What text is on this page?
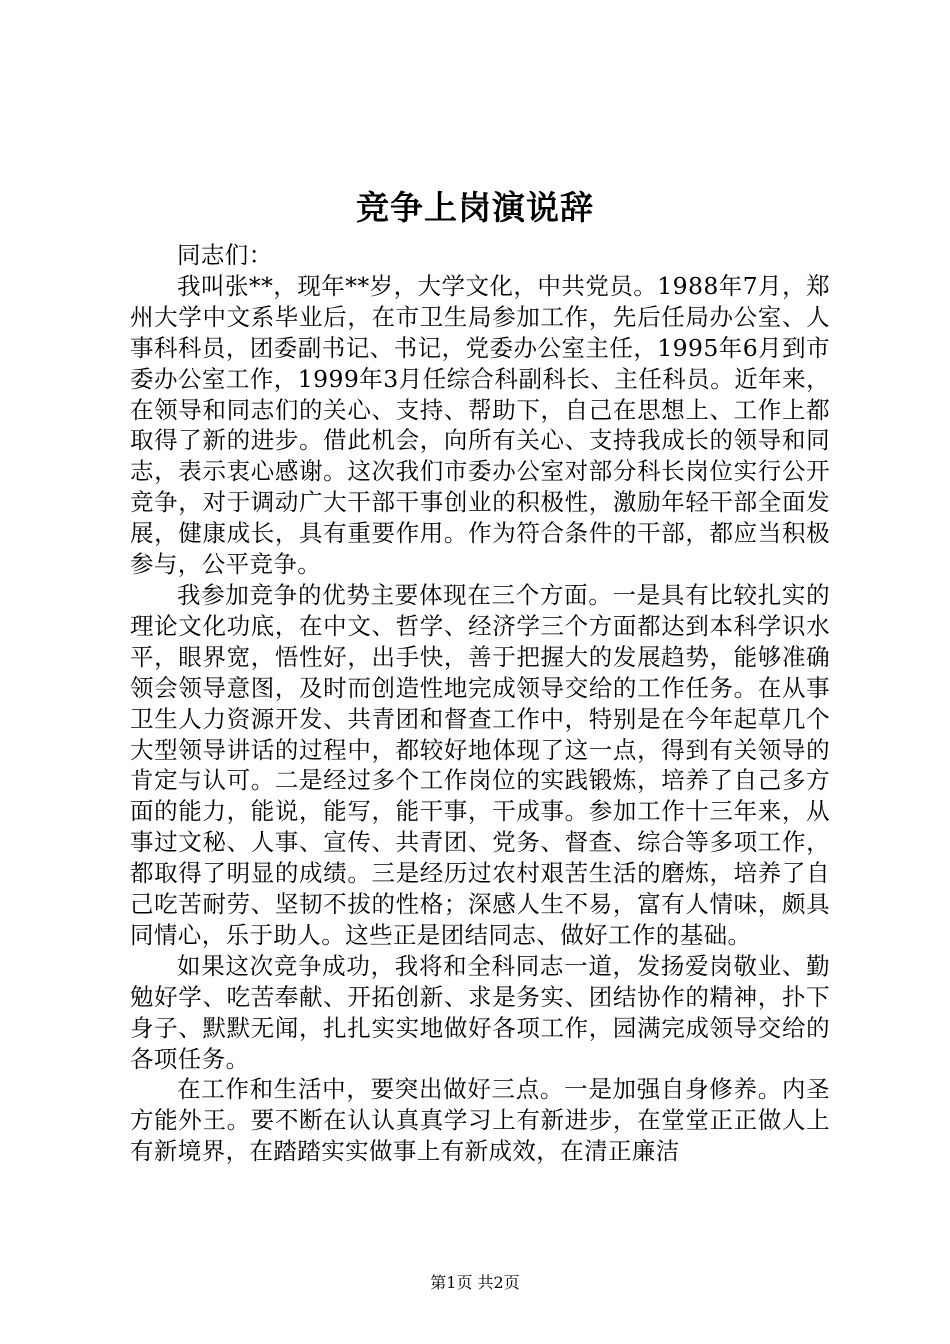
竞争上岗演说辞

同志们：

我叫张**，现年**岁，大学文化，中共党员。1988年7月，郑州大学中文系毕业后，在市卫生局参加工作，先后任局办公室、人事科科员，团委副书记、书记，党委办公室主任，1995年6月到市委办公室工作，1999年3月任综合科副科长、主任科员。近年来，在领导和同志们的关心、支持、帮助下，自己在思想上、工作上都取得了新的进步。借此机会，向所有关心、支持我成长的领导和同志，表示衷心感谢。这次我们市委办公室对部分科长岗位实行公开竞争，对于调动广大干部干事创业的积极性，激励年轻干部全面发展，健康成长，具有重要作用。作为符合条件的干部，都应当积极参与，公平竞争。

我参加竞争的优势主要体现在三个方面。一是具有比较扎实的理论文化功底，在中文、哲学、经济学三个方面都达到本科学识水平，眼界宽，悟性好，出手快，善于把握大的发展趋势，能够准确领会领导意图，及时而创造性地完成领导交给的工作任务。在从事卫生人力资源开发、共青团和督查工作中，特别是在今年起草几个大型领导讲话的过程中，都较好地体现了这一点，得到有关领导的肯定与认可。二是经过多个工作岗位的实践锻炼，培养了自己多方面的能力，能说，能写，能干事，干成事。参加工作十三年来，从事过文秘、人事、宣传、共青团、党务、督查、综合等多项工作，都取得了明显的成绩。三是经历过农村艰苦生活的磨炼，培养了自己吃苦耐劳、坚韧不拔的性格；深感人生不易，富有人情味，颇具同情心，乐于助人。这些正是团结同志、做好工作的基础。

如果这次竞争成功，我将和全科同志一道，发扬爱岗敬业、勤勉好学、吃苦奉献、开拓创新、求是务实、团结协作的精神，扑下身子、默默无闻，扎扎实实地做好各项工作，园满完成领导交给的各项任务。

在工作和生活中，要突出做好三点。一是加强自身修养。内圣方能外王。要不断在认认真真学习上有新进步，在堂堂正正做人上有新境界，在踏踏实实做事上有新成效，在清正廉洁

第1页 共2页
